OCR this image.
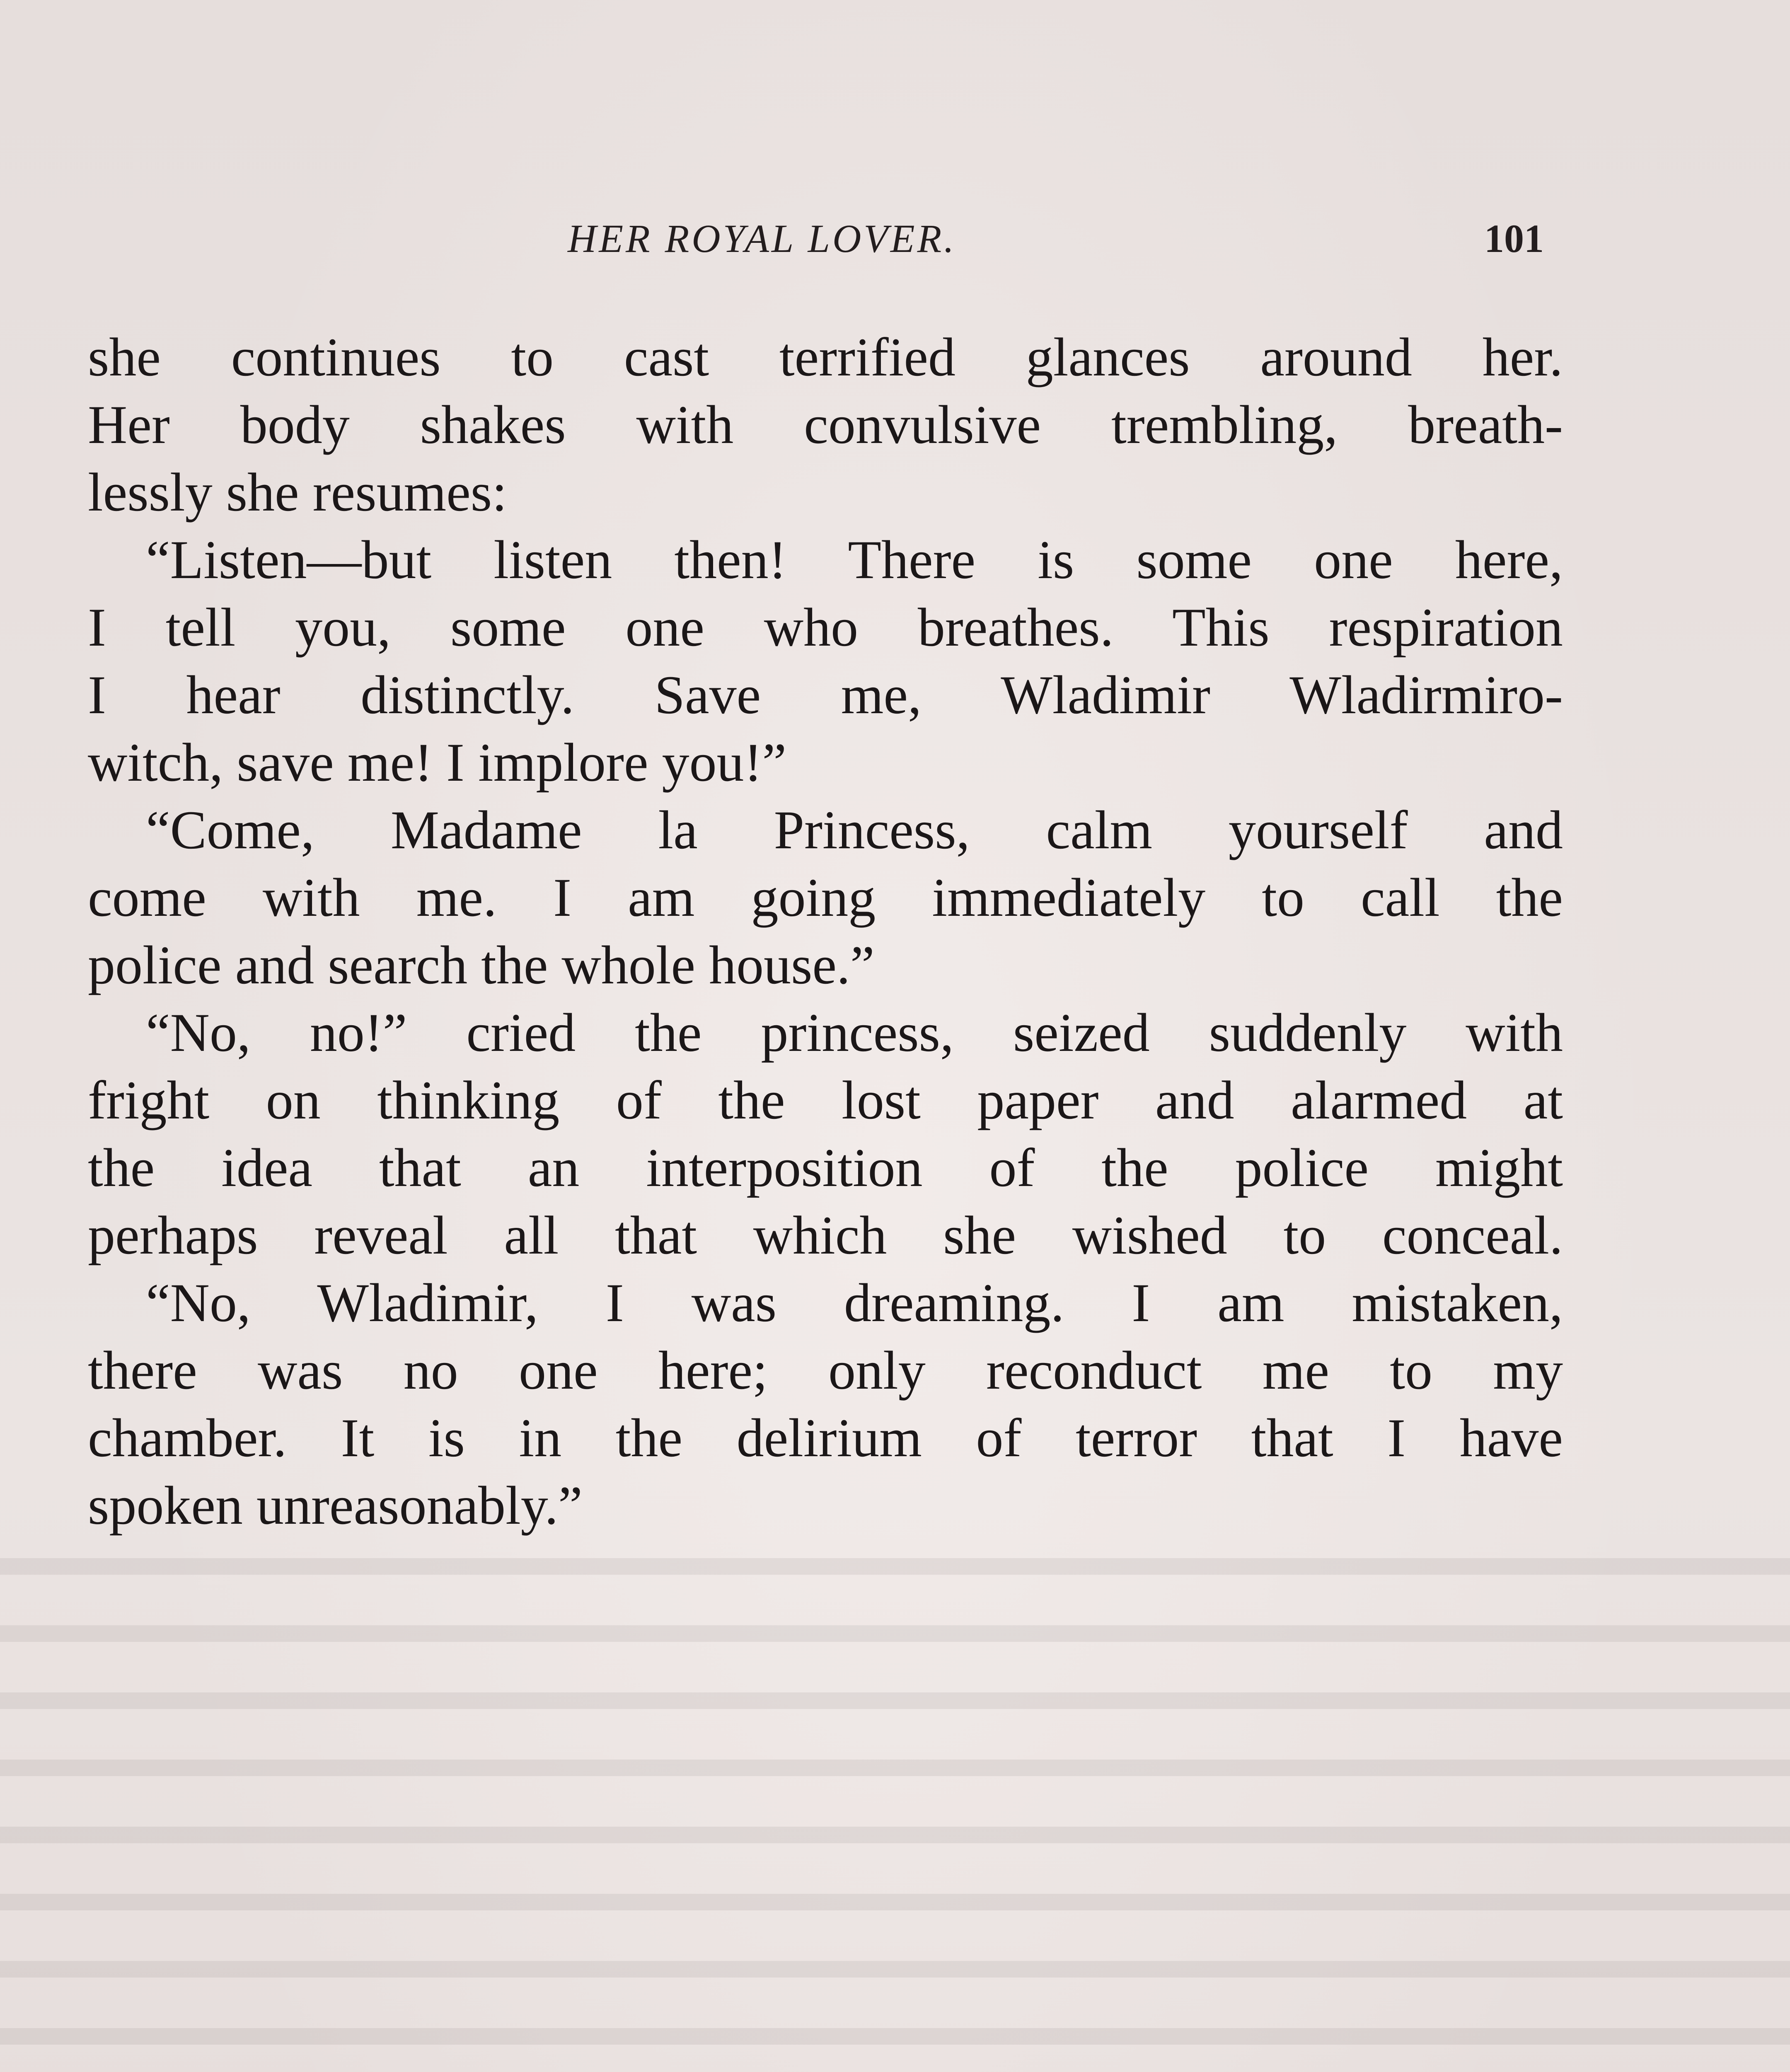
HER ROYAL LOVER.	101
she continues to cast terrified glances around her.
Her body shakes with convulsive trembling, breath-
lessly she resumes:
“Listen—but listen then! There is some one here,
I tell you, some one who breathes. This respiration
I hear distinctly. Save me, Wladimir Wladirmiro-
witch, save me! I implore you!”
“Come, Madame la Princess, calm yourself and
come with me. I am going immediately to call the
police and search the whole house.”
“No, no!” cried the princess, seized suddenly with
fright on thinking of the lost paper and alarmed at
the idea that an interposition of the police might
perhaps reveal all that which she wished to conceal.
“No, Wladimir, I was dreaming. I am mistaken,
there was no one here; only reconduct me to my
chamber. It is in the delirium of terror that I have
spoken unreasonably.”
